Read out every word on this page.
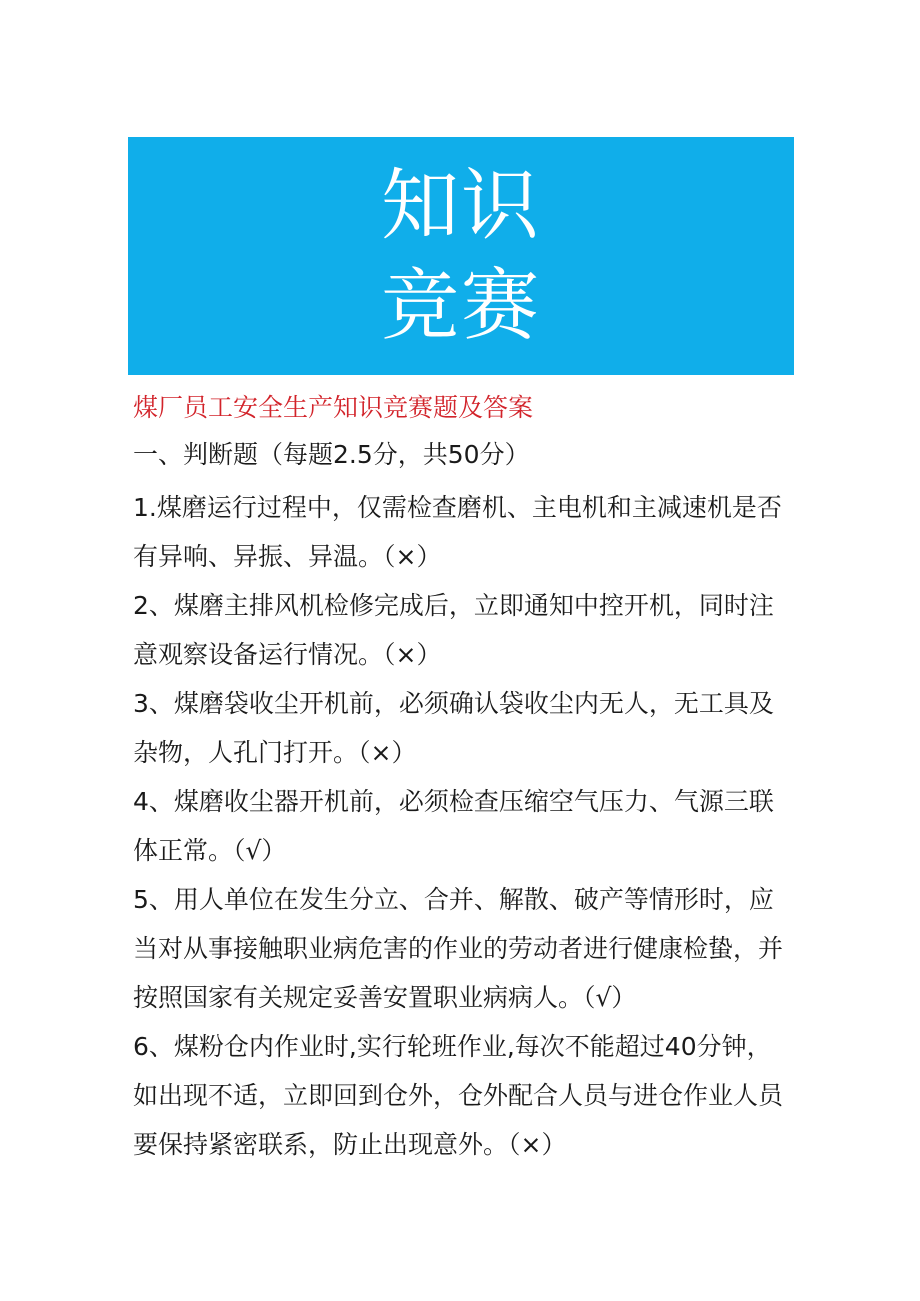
知识
竞赛
煤厂员工安全生产知识竞赛题及答案
一、判断题（每题2.5分，共50分）
1.煤磨运行过程中，仅需检查磨机、主电机和主减速机是否有异响、异振、异温。（×）
2、煤磨主排风机检修完成后，立即通知中控开机，同时注意观察设备运行情况。（×）
3、煤磨袋收尘开机前，必须确认袋收尘内无人，无工具及杂物，人孔门打开。（×）
4、煤磨收尘器开机前，必须检查压缩空气压力、气源三联体正常。（√）
5、用人单位在发生分立、合并、解散、破产等情形时，应当对从事接触职业病危害的作业的劳动者进行健康检蛰，并按照国家有关规定妥善安置职业病病人。（√）
6、煤粉仓内作业时,实行轮班作业,每次不能超过40分钟，如出现不适，立即回到仓外，仓外配合人员与进仓作业人员要保持紧密联系，防止出现意外。（×）
